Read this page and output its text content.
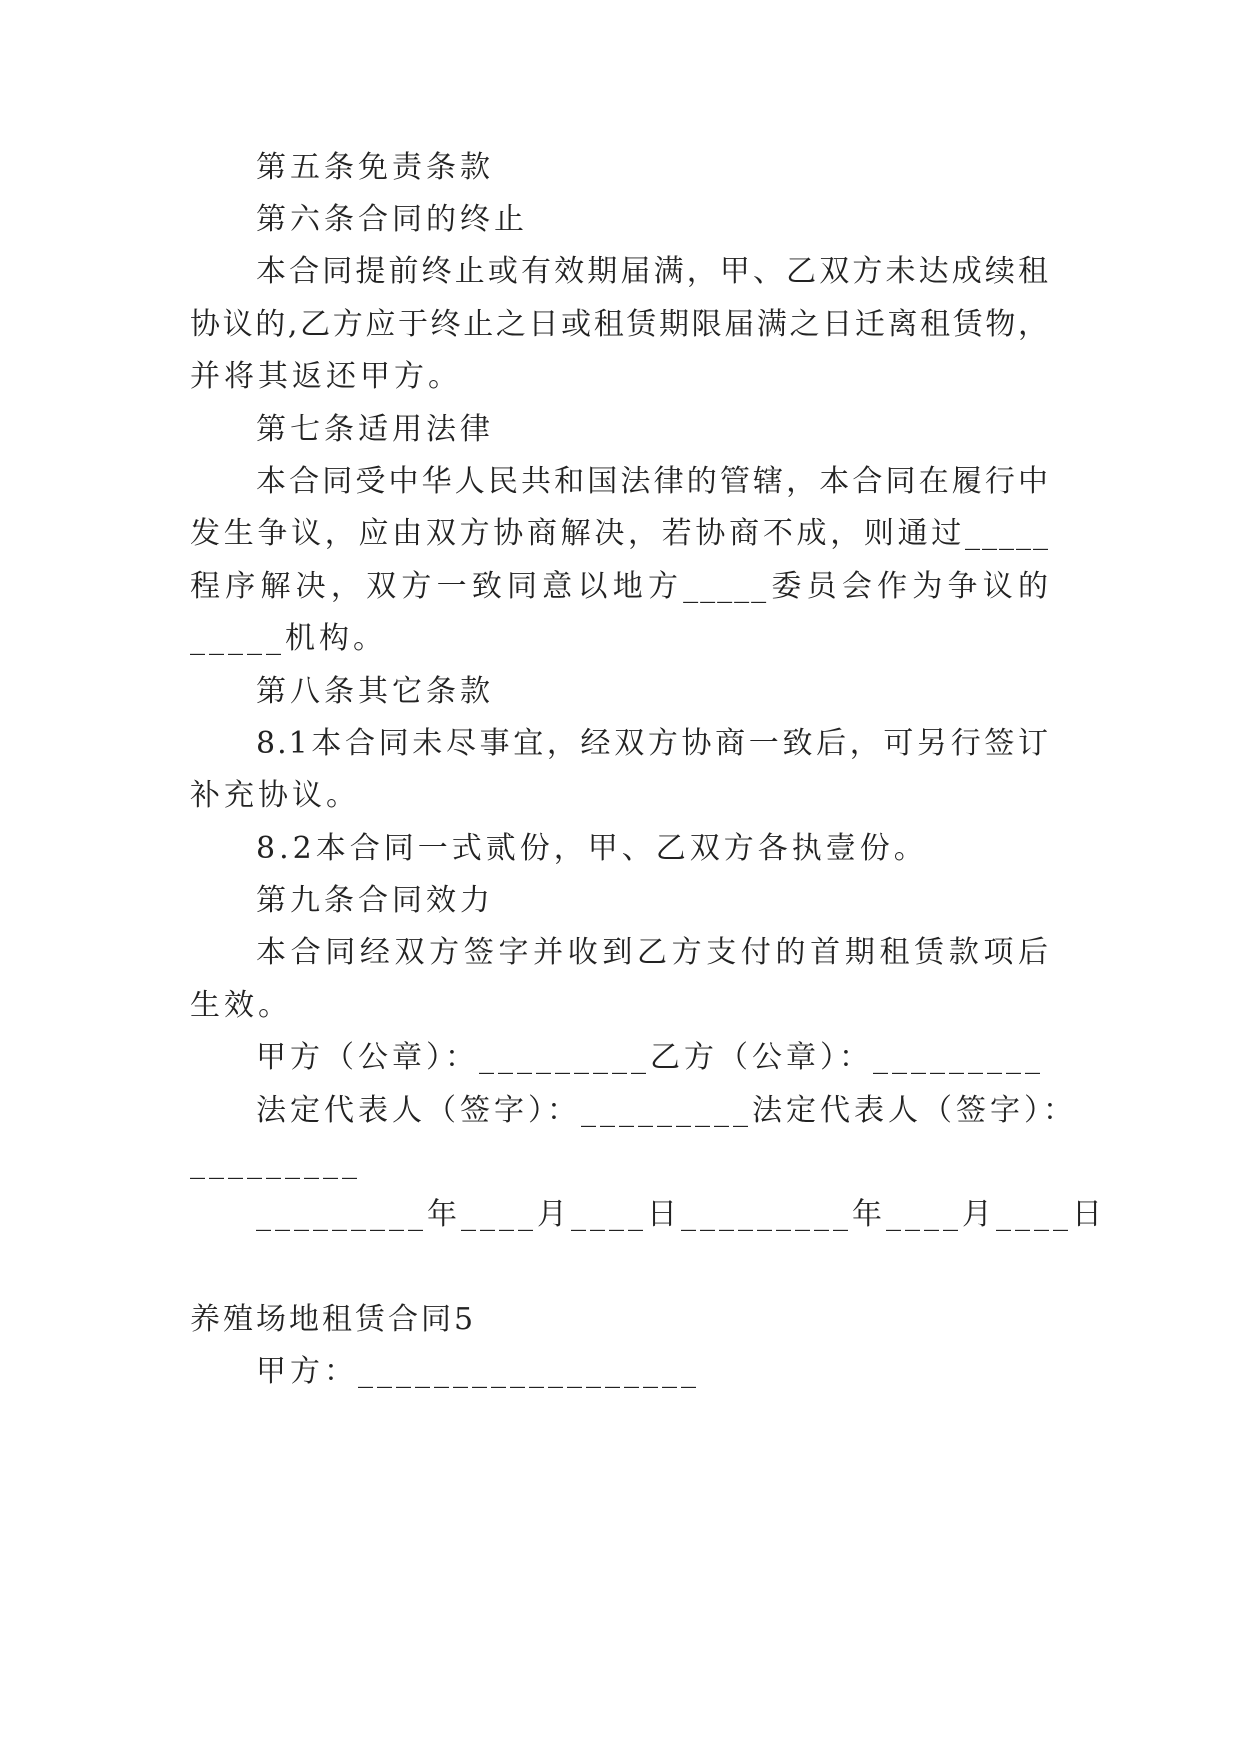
第五条免责条款
第六条合同的终止
本合同提前终止或有效期届满，甲、乙双方未达成续租
协议的,乙方应于终止之日或租赁期限届满之日迁离租赁物，
并将其返还甲方。
第七条适用法律
本合同受中华人民共和国法律的管辖，本合同在履行中
发生争议，应由双方协商解决，若协商不成，则通过_____
程序解决，双方一致同意以地方_____委员会作为争议的
_____机构。
第八条其它条款
8.1本合同未尽事宜，经双方协商一致后，可另行签订
补充协议。
8.2本合同一式贰份，甲、乙双方各执壹份。
第九条合同效力
本合同经双方签字并收到乙方支付的首期租赁款项后
生效。
甲方（公章）：_________乙方（公章）：_________
法定代表人（签字）：_________法定代表人（签字）：
_________
_________年____月____日_________年____月____日
养殖场地租赁合同5
甲方：__________________
